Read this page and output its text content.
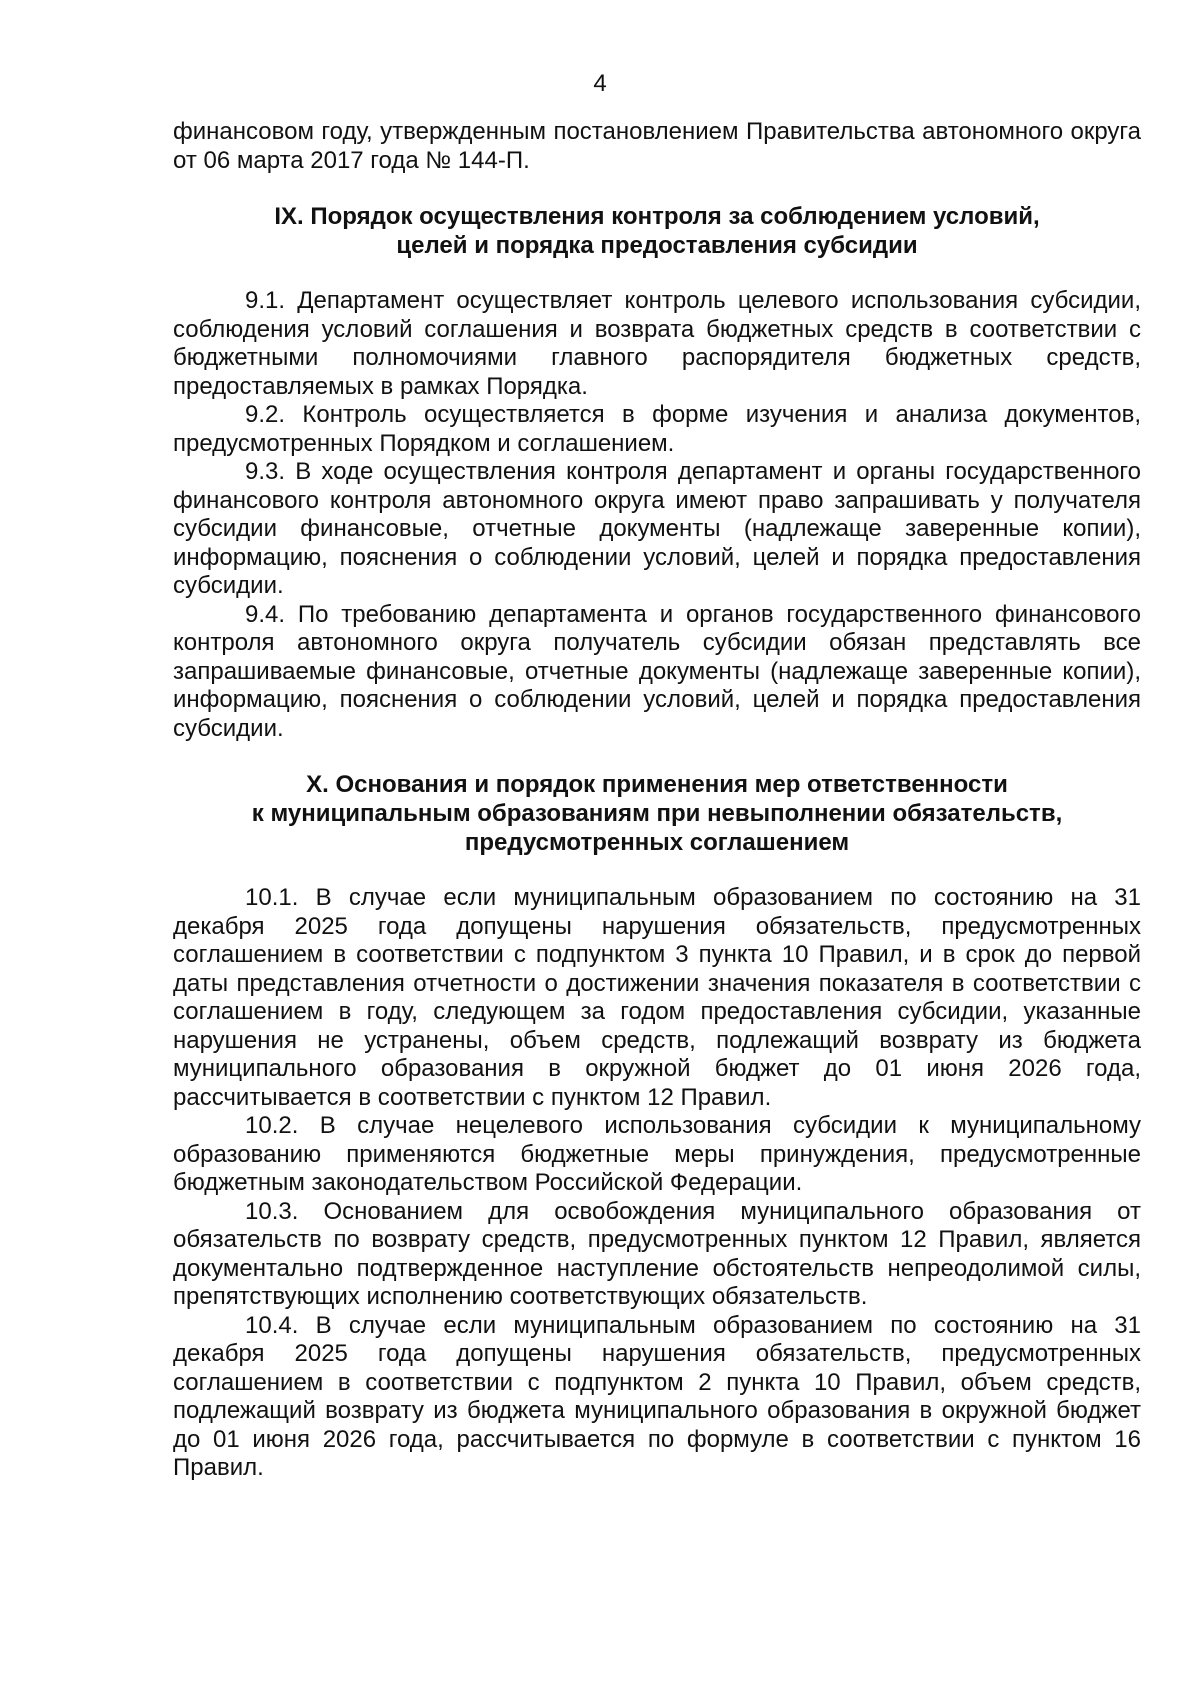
4

финансовом году, утвержденным постановлением Правительства автономного округа от 06 марта 2017 года № 144-П.

IX. Порядок осуществления контроля за соблюдением условий,
целей и порядка предоставления субсидии

9.1. Департамент осуществляет контроль целевого использования субсидии, соблюдения условий соглашения и возврата бюджетных средств в соответствии с бюджетными полномочиями главного распорядителя бюджетных средств, предоставляемых в рамках Порядка.

9.2. Контроль осуществляется в форме изучения и анализа документов, предусмотренных Порядком и соглашением.

9.3. В ходе осуществления контроля департамент и органы государственного финансового контроля автономного округа имеют право запрашивать у получателя субсидии финансовые, отчетные документы (надлежаще заверенные копии), информацию, пояснения о соблюдении условий, целей и порядка предоставления субсидии.

9.4. По требованию департамента и органов государственного финансового контроля автономного округа получатель субсидии обязан представлять все запрашиваемые финансовые, отчетные документы (надлежаще заверенные копии), информацию, пояснения о соблюдении условий, целей и порядка предоставления субсидии.

X. Основания и порядок применения мер ответственности
к муниципальным образованиям при невыполнении обязательств,
предусмотренных соглашением

10.1. В случае если муниципальным образованием по состоянию на 31 декабря 2025 года допущены нарушения обязательств, предусмотренных соглашением в соответствии с подпунктом 3 пункта 10 Правил, и в срок до первой даты представления отчетности о достижении значения показателя в соответствии с соглашением в году, следующем за годом предоставления субсидии, указанные нарушения не устранены, объем средств, подлежащий возврату из бюджета муниципального образования в окружной бюджет до 01 июня 2026 года, рассчитывается в соответствии с пунктом 12 Правил.

10.2. В случае нецелевого использования субсидии к муниципальному образованию применяются бюджетные меры принуждения, предусмотренные бюджетным законодательством Российской Федерации.

10.3. Основанием для освобождения муниципального образования от обязательств по возврату средств, предусмотренных пунктом 12 Правил, является документально подтвержденное наступление обстоятельств непреодолимой силы, препятствующих исполнению соответствующих обязательств.

10.4. В случае если муниципальным образованием по состоянию на 31 декабря 2025 года допущены нарушения обязательств, предусмотренных соглашением в соответствии с подпунктом 2 пункта 10 Правил, объем средств, подлежащий возврату из бюджета муниципального образования в окружной бюджет до 01 июня 2026 года, рассчитывается по формуле в соответствии с пунктом 16 Правил.
